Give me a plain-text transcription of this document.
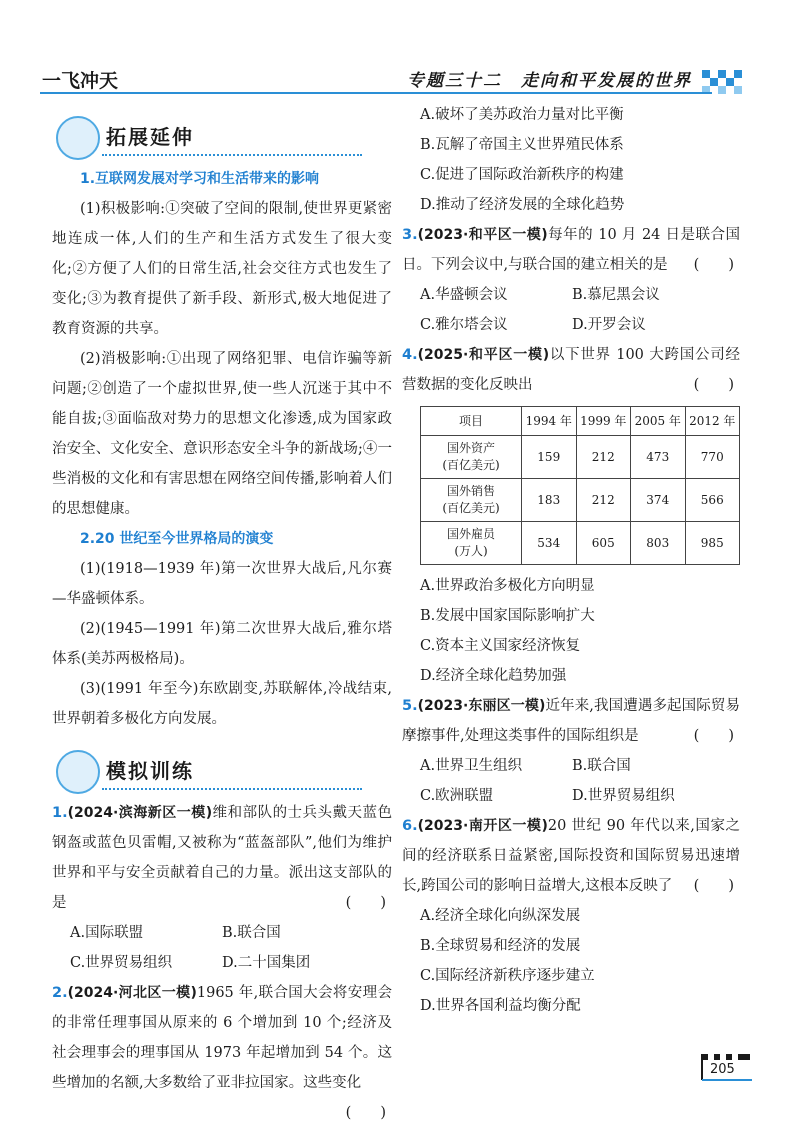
一飞冲天	专题三十二　走向和平发展的世界
拓展延伸
1.互联网发展对学习和生活带来的影响
(1)积极影响:①突破了空间的限制,使世界更紧密地连成一体,人们的生产和生活方式发生了很大变化;②方便了人们的日常生活,社会交往方式也发生了变化;③为教育提供了新手段、新形式,极大地促进了教育资源的共享。
(2)消极影响:①出现了网络犯罪、电信诈骗等新问题;②创造了一个虚拟世界,使一些人沉迷于其中不能自拔;③面临敌对势力的思想文化渗透,成为国家政治安全、文化安全、意识形态安全斗争的新战场;④一些消极的文化和有害思想在网络空间传播,影响着人们的思想健康。
2.20 世纪至今世界格局的演变
(1)(1918—1939 年)第一次世界大战后,凡尔赛—华盛顿体系。
(2)(1945—1991 年)第二次世界大战后,雅尔塔体系(美苏两极格局)。
(3)(1991 年至今)东欧剧变,苏联解体,冷战结束,世界朝着多极化方向发展。
模拟训练
1.(2024·滨海新区一模)维和部队的士兵头戴天蓝色钢盔或蓝色贝雷帽,又被称为“蓝盔部队”,他们为维护世界和平与安全贡献着自己的力量。派出这支部队的是	(　　)
A.国际联盟	B.联合国
C.世界贸易组织	D.二十国集团
2.(2024·河北区一模)1965 年,联合国大会将安理会的非常任理事国从原来的 6 个增加到 10 个;经济及社会理事会的理事国从 1973 年起增加到 54 个。这些增加的名额,大多数给了亚非拉国家。这些变化
(　　)
A.破坏了美苏政治力量对比平衡
B.瓦解了帝国主义世界殖民体系
C.促进了国际政治新秩序的构建
D.推动了经济发展的全球化趋势
3.(2023·和平区一模)每年的 10 月 24 日是联合国日。下列会议中,与联合国的建立相关的是 (　　)
A.华盛顿会议	B.慕尼黑会议
C.雅尔塔会议	D.开罗会议
4.(2025·和平区一模)以下世界 100 大跨国公司经营数据的变化反映出	(　　)
项目	1994 年	1999 年	2005 年	2012 年
国外资产
(百亿美元)	159	212	473	770
国外销售
(百亿美元)	183	212	374	566
国外雇员
(万人)	534	605	803	985
A.世界政治多极化方向明显
B.发展中国家国际影响扩大
C.资本主义国家经济恢复
D.经济全球化趋势加强
5.(2023·东丽区一模)近年来,我国遭遇多起国际贸易摩擦事件,处理这类事件的国际组织是	(　　)
A.世界卫生组织	B.联合国
C.欧洲联盟	D.世界贸易组织
6.(2023·南开区一模)20 世纪 90 年代以来,国家之间的经济联系日益紧密,国际投资和国际贸易迅速增长,跨国公司的影响日益增大,这根本反映了 (　　)
A.经济全球化向纵深发展
B.全球贸易和经济的发展
C.国际经济新秩序逐步建立
D.世界各国利益均衡分配
205
